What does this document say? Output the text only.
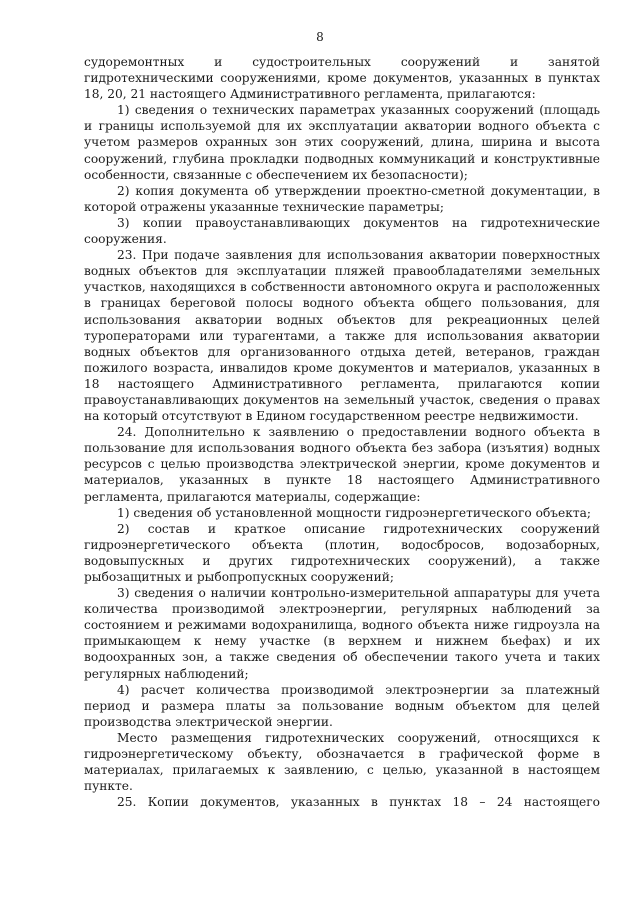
8

судоремонтных и судостроительных сооружений и занятой гидротехническими сооружениями, кроме документов, указанных в пунктах 18, 20, 21 настоящего Административного регламента, прилагаются:

1) сведения о технических параметрах указанных сооружений (площадь и границы используемой для их эксплуатации акватории водного объекта с учетом размеров охранных зон этих сооружений, длина, ширина и высота сооружений, глубина прокладки подводных коммуникаций и конструктивные особенности, связанные с обеспечением их безопасности);

2) копия документа об утверждении проектно-сметной документации, в которой отражены указанные технические параметры;

3) копии правоустанавливающих документов на гидротехнические сооружения.

23. При подаче заявления для использования акватории поверхностных водных объектов для эксплуатации пляжей правообладателями земельных участков, находящихся в собственности автономного округа и расположенных в границах береговой полосы водного объекта общего пользования, для использования акватории водных объектов для рекреационных целей туроператорами или турагентами, а также для использования акватории водных объектов для организованного отдыха детей, ветеранов, граждан пожилого возраста, инвалидов кроме документов и материалов, указанных в 18 настоящего Административного регламента, прилагаются копии правоустанавливающих документов на земельный участок, сведения о правах на который отсутствуют в Едином государственном реестре недвижимости.

24. Дополнительно к заявлению о предоставлении водного объекта в пользование для использования водного объекта без забора (изъятия) водных ресурсов с целью производства электрической энергии, кроме документов и материалов, указанных в пункте 18 настоящего Административного регламента, прилагаются материалы, содержащие:

1) сведения об установленной мощности гидроэнергетического объекта;

2) состав и краткое описание гидротехнических сооружений гидроэнергетического объекта (плотин, водосбросов, водозаборных, водовыпускных и других гидротехнических сооружений), а также рыбозащитных и рыбопропускных сооружений;

3) сведения о наличии контрольно-измерительной аппаратуры для учета количества производимой электроэнергии, регулярных наблюдений за состоянием и режимами водохранилища, водного объекта ниже гидроузла на примыкающем к нему участке (в верхнем и нижнем бьефах) и их водоохранных зон, а также сведения об обеспечении такого учета и таких регулярных наблюдений;

4) расчет количества производимой электроэнергии за платежный период и размера платы за пользование водным объектом для целей производства электрической энергии.

Место размещения гидротехнических сооружений, относящихся к гидроэнергетическому объекту, обозначается в графической форме в материалах, прилагаемых к заявлению, с целью, указанной в настоящем пункте.

25. Копии документов, указанных в пунктах 18 – 24 настоящего
